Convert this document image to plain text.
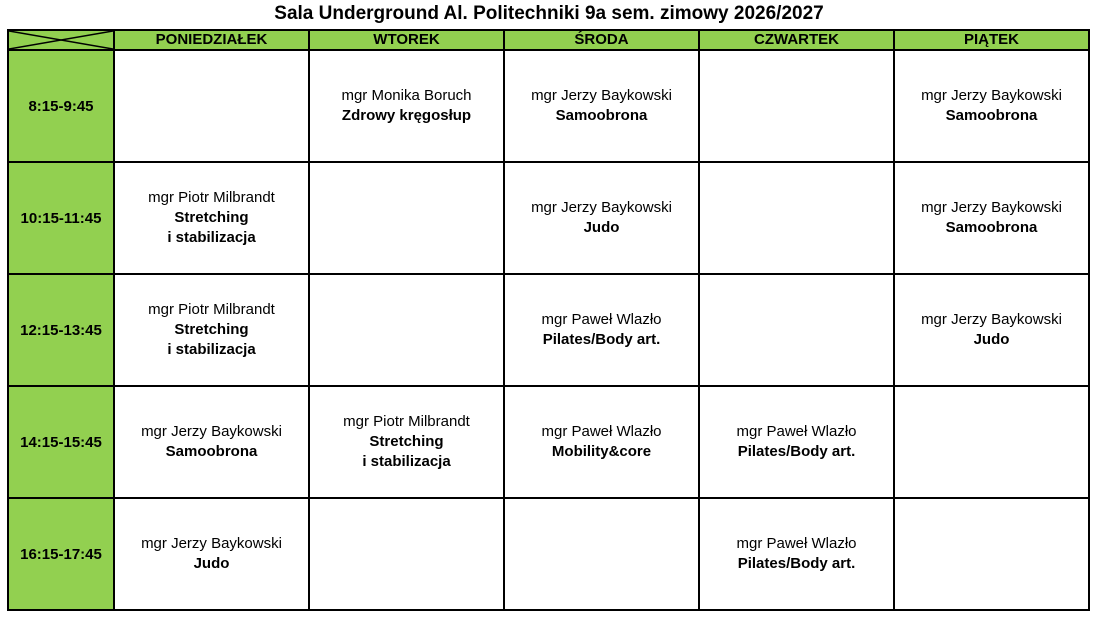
Sala Underground Al. Politechniki 9a sem. zimowy 2026/2027
	PONIEDZIAŁEK	WTOREK	ŚRODA	CZWARTEK	PIĄTEK
8:15-9:45		mgr Monika Boruch
Zdrowy kręgosłup	mgr Jerzy Baykowski
Samoobrona		mgr Jerzy Baykowski
Samoobrona

10:15-11:45	mgr Piotr Milbrandt
Stretching
i stabilizacja		mgr Jerzy Baykowski
Judo		mgr Jerzy Baykowski
Samoobrona

12:15-13:45	mgr Piotr Milbrandt
Stretching
i stabilizacja		mgr Paweł Wlazło
Pilates/Body art.		mgr Jerzy Baykowski
Judo

14:15-15:45	mgr Jerzy Baykowski
Samoobrona	mgr Piotr Milbrandt
Stretching
i stabilizacja	mgr Paweł Wlazło
Mobility&core	mgr Paweł Wlazło
Pilates/Body art.	

16:15-17:45	mgr Jerzy Baykowski
Judo			mgr Paweł Wlazło
Pilates/Body art.	
